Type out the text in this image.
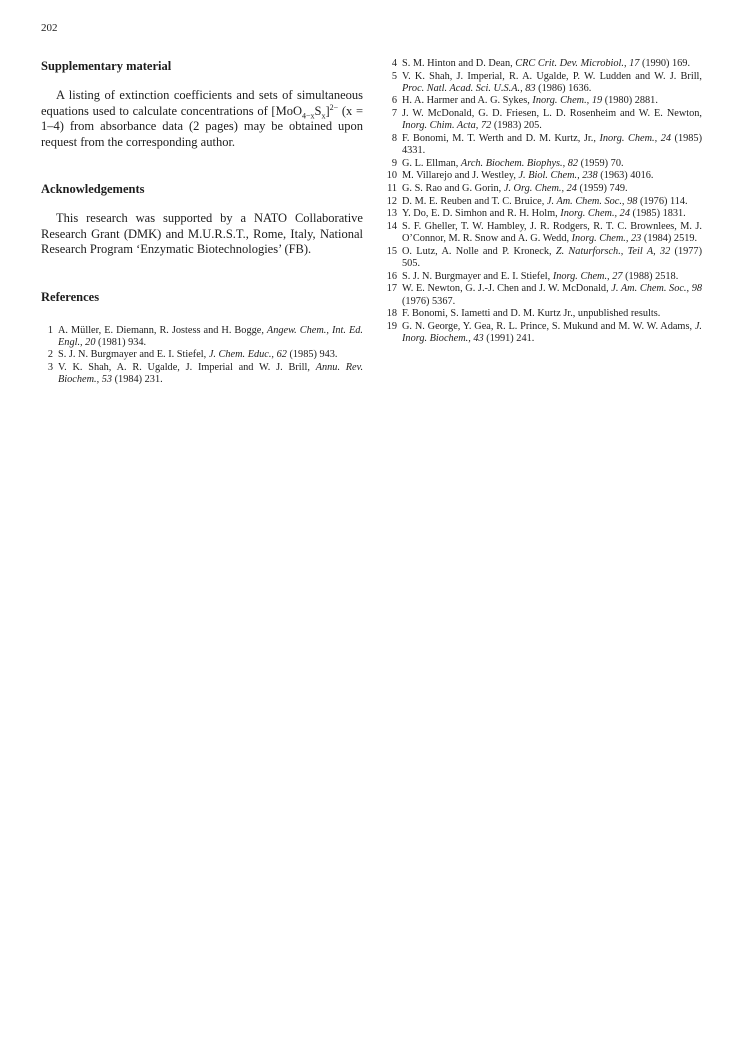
202
Supplementary material

A listing of extinction coefficients and sets of simultaneous equations used to calculate concentrations of $[MoO_{4-x}S_x]^{2-}$ (x = 1–4) from absorbance data (2 pages) may be obtained upon request from the corresponding author.

Acknowledgements

This research was supported by a NATO Collaborative Research Grant (DMK) and M.U.R.S.T., Rome, Italy, National Research Program ‘Enzymatic Biotechnologies’ (FB).

References
1 A. Müller, E. Diemann, R. Jostess and H. Bogge, Angew. Chem., Int. Ed. Engl., 20 (1981) 934.
2 S. J. N. Burgmayer and E. I. Stiefel, J. Chem. Educ., 62 (1985) 943.
3 V. K. Shah, A. R. Ugalde, J. Imperial and W. J. Brill, Annu. Rev. Biochem., 53 (1984) 231.
4 S. M. Hinton and D. Dean, CRC Crit. Dev. Microbiol., 17 (1990) 169.
5 V. K. Shah, J. Imperial, R. A. Ugalde, P. W. Ludden and W. J. Brill, Proc. Natl. Acad. Sci. U.S.A., 83 (1986) 1636.
6 H. A. Harmer and A. G. Sykes, Inorg. Chem., 19 (1980) 2881.
7 J. W. McDonald, G. D. Friesen, L. D. Rosenheim and W. E. Newton, Inorg. Chim. Acta, 72 (1983) 205.
8 F. Bonomi, M. T. Werth and D. M. Kurtz, Jr., Inorg. Chem., 24 (1985) 4331.
9 G. L. Ellman, Arch. Biochem. Biophys., 82 (1959) 70.
10 M. Villarejo and J. Westley, J. Biol. Chem., 238 (1963) 4016.
11 G. S. Rao and G. Gorin, J. Org. Chem., 24 (1959) 749.
12 D. M. E. Reuben and T. C. Bruice, J. Am. Chem. Soc., 98 (1976) 114.
13 Y. Do, E. D. Simhon and R. H. Holm, Inorg. Chem., 24 (1985) 1831.
14 S. F. Gheller, T. W. Hambley, J. R. Rodgers, R. T. C. Brownlees, M. J. O’Connor, M. R. Snow and A. G. Wedd, Inorg. Chem., 23 (1984) 2519.
15 O. Lutz, A. Nolle and P. Kroneck, Z. Naturforsch., Teil A, 32 (1977) 505.
16 S. J. N. Burgmayer and E. I. Stiefel, Inorg. Chem., 27 (1988) 2518.
17 W. E. Newton, G. J.-J. Chen and J. W. McDonald, J. Am. Chem. Soc., 98 (1976) 5367.
18 F. Bonomi, S. Iametti and D. M. Kurtz Jr., unpublished results.
19 G. N. George, Y. Gea, R. L. Prince, S. Mukund and M. W. W. Adams, J. Inorg. Biochem., 43 (1991) 241.
